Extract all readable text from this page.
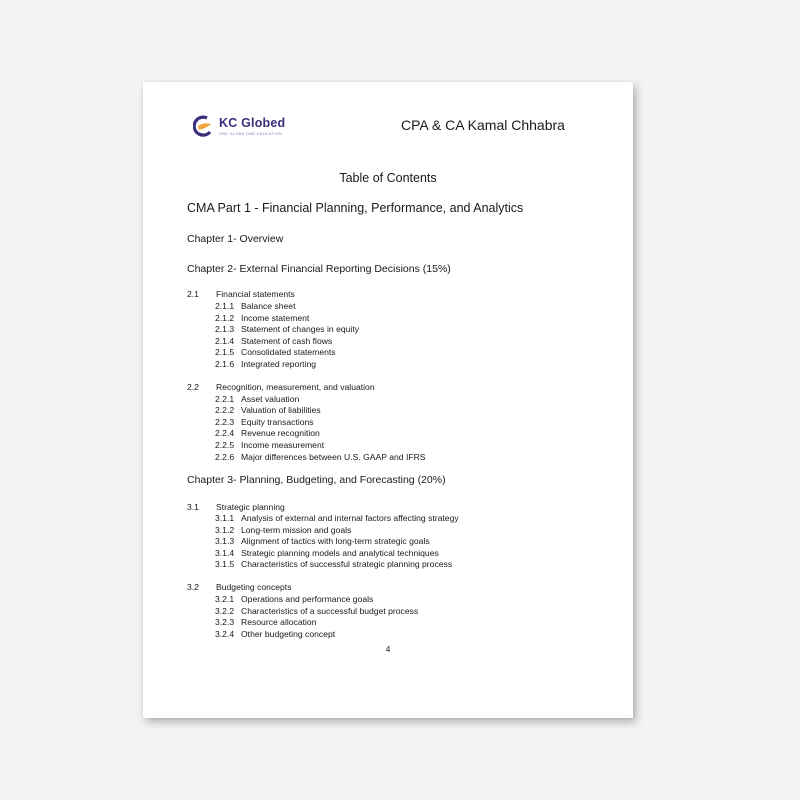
KC Globed
ONE GLOBE ONE EDUCATION
CPA & CA Kamal Chhabra
Table of Contents
CMA Part 1 - Financial Planning, Performance, and Analytics
Chapter 1- Overview
Chapter 2- External Financial Reporting Decisions (15%)
2.1 Financial statements
2.1.1 Balance sheet
2.1.2 Income statement
2.1.3 Statement of changes in equity
2.1.4 Statement of cash flows
2.1.5 Consolidated statements
2.1.6 Integrated reporting
2.2 Recognition, measurement, and valuation
2.2.1 Asset valuation
2.2.2 Valuation of liabilities
2.2.3 Equity transactions
2.2.4 Revenue recognition
2.2.5 Income measurement
2.2.6 Major differences between U.S. GAAP and IFRS
Chapter 3- Planning, Budgeting, and Forecasting (20%)
3.1 Strategic planning
3.1.1 Analysis of external and internal factors affecting strategy
3.1.2 Long-term mission and goals
3.1.3 Alignment of tactics with long-term strategic goals
3.1.4 Strategic planning models and analytical techniques
3.1.5 Characteristics of successful strategic planning process
3.2 Budgeting concepts
3.2.1 Operations and performance goals
3.2.2 Characteristics of a successful budget process
3.2.3 Resource allocation
3.2.4 Other budgeting concept
4
